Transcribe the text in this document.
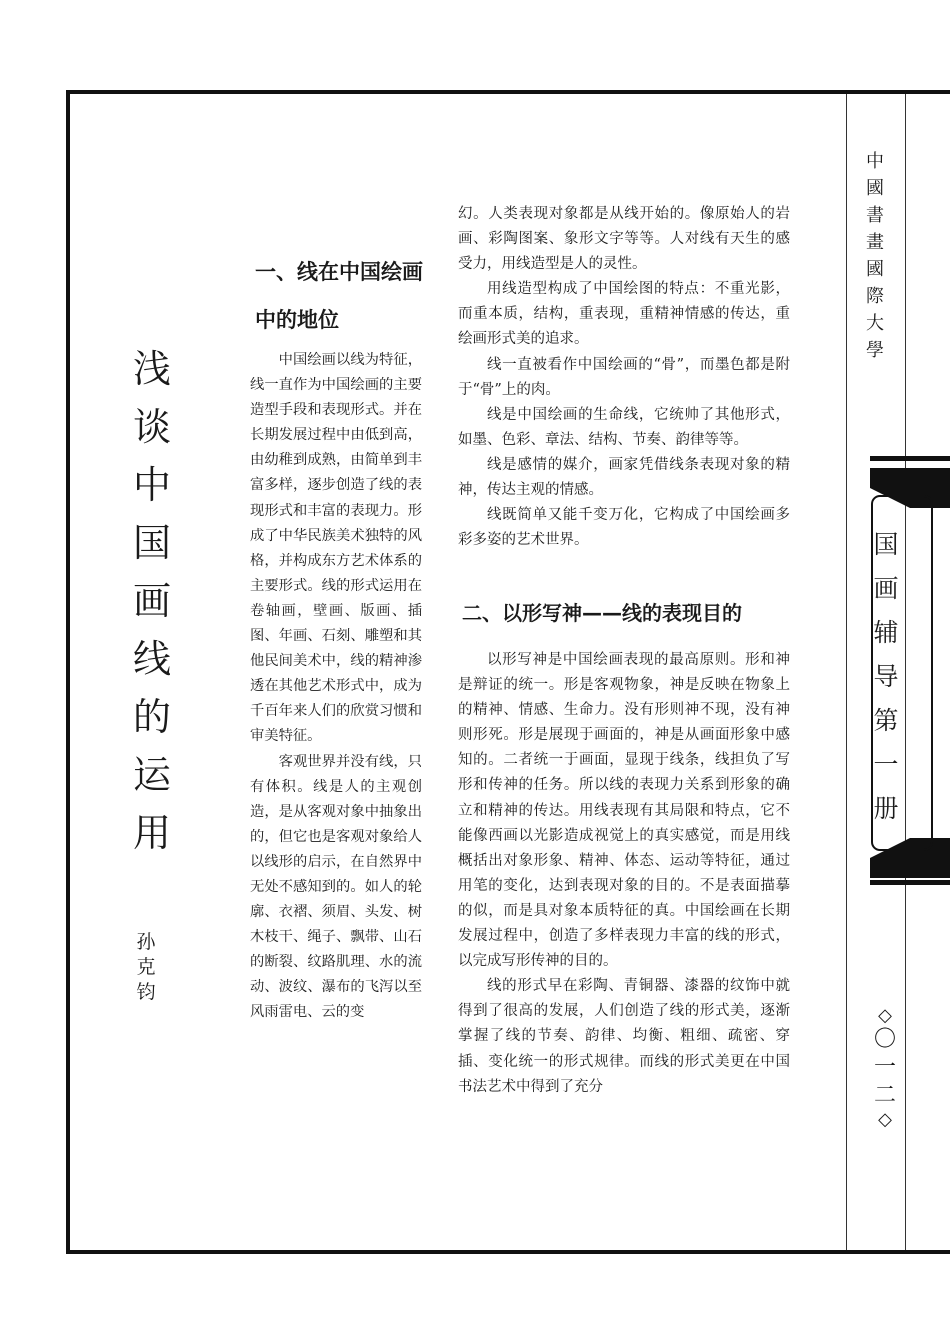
浅谈中国画线的运用
孙克钧
一、线在中国绘画中的地位

中国绘画以线为特征，线一直作为中国绘画的主要造型手段和表现形式。并在长期发展过程中由低到高，由幼稚到成熟，由简单到丰富多样，逐步创造了线的表现形式和丰富的表现力。形成了中华民族美术独特的风格，并构成东方艺术体系的主要形式。线的形式运用在卷轴画，壁画、版画、插图、年画、石刻、雕塑和其他民间美术中，线的精神渗透在其他艺术形式中，成为千百年来人们的欣赏习惯和审美特征。

客观世界并没有线，只有体积。线是人的主观创造，是从客观对象中抽象出的，但它也是客观对象给人以线形的启示，在自然界中无处不感知到的。如人的轮廓、衣褶、须眉、头发、树木枝干、绳子、飘带、山石的断裂、纹路肌理、水的流动、波纹、瀑布的飞泻以至风雨雷电、云的变

幻。人类表现对象都是从线开始的。像原始人的岩画、彩陶图案、象形文字等等。人对线有天生的感受力，用线造型是人的灵性。

用线造型构成了中国绘图的特点：不重光影，而重本质，结构，重表现，重精神情感的传达，重绘画形式美的追求。

线一直被看作中国绘画的“骨”，而墨色都是附于“骨”上的肉。

线是中国绘画的生命线，它统帅了其他形式，如墨、色彩、章法、结构、节奏、韵律等等。

线是感情的媒介，画家凭借线条表现对象的精神，传达主观的情感。

线既简单又能千变万化，它构成了中国绘画多彩多姿的艺术世界。

二、以形写神——线的表现目的

以形写神是中国绘画表现的最高原则。形和神是辩证的统一。形是客观物象，神是反映在物象上的精神、情感、生命力。没有形则神不现，没有神则形死。形是展现于画面的，神是从画面形象中感知的。二者统一于画面，显现于线条，线担负了写形和传神的任务。所以线的表现力关系到形象的确立和精神的传达。用线表现有其局限和特点，它不能像西画以光影造成视觉上的真实感觉，而是用线概括出对象形象、精神、体态、运动等特征，通过用笔的变化，达到表现对象的目的。不是表面描摹的似，而是具对象本质特征的真。中国绘画在长期发展过程中，创造了多样表现力丰富的线的形式，以完成写形传神的目的。

线的形式早在彩陶、青铜器、漆器的纹饰中就得到了很高的发展，人们创造了线的形式美，逐渐掌握了线的节奏、韵律、均衡、粗细、疏密、穿插、变化统一的形式规律。而线的形式美更在中国书法艺术中得到了充分

中國書畫國際大學
国画辅导第一册
◇
〇
一
二
◇
